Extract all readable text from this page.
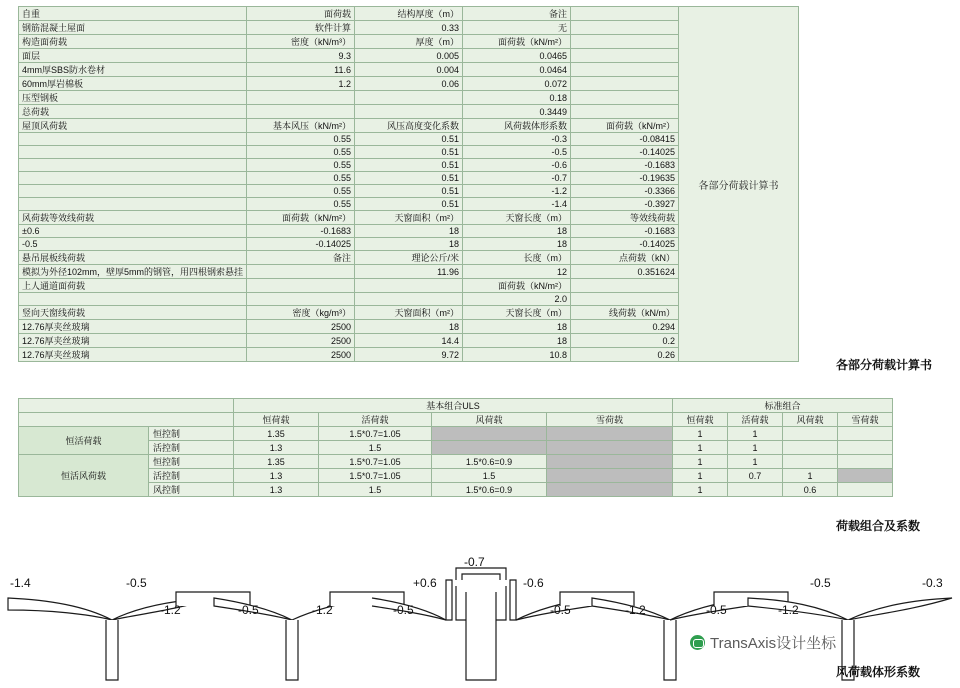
自重	面荷载	结构厚度（m）	备注		各部分荷载计算书
钢筋混凝土屋面	软件计算	0.33	无		
构造面荷载	密度（kN/m³）	厚度（m）	面荷载（kN/m²）		
面层	9.3	0.005	0.0465		
4mm厚SBS防水卷材	11.6	0.004	0.0464		
60mm厚岩棉板	1.2	0.06	0.072		
压型钢板			0.18		
总荷载			0.3449		
屋顶风荷载	基本风压（kN/m²）	风压高度变化系数	风荷载体形系数	面荷载（kN/m²）	
	0.55	0.51	-0.3	-0.08415	
	0.55	0.51	-0.5	-0.14025	
	0.55	0.51	-0.6	-0.1683	
	0.55	0.51	-0.7	-0.19635	
	0.55	0.51	-1.2	-0.3366	
	0.55	0.51	-1.4	-0.3927	
风荷载等效线荷载	面荷载（kN/m²）	天窗面积（m²）	天窗长度（m）	等效线荷载	
±0.6	-0.1683	18	18	-0.1683	
-0.5	-0.14025	18	18	-0.14025	
悬吊展板线荷载	备注	理论公斤/米	长度（m）	点荷载（kN）	
模拟为外径102mm，壁厚5mm的钢管，用四根钢索悬挂		11.96	12	0.351624	
上人通道面荷载			面荷载（kN/m²）		
			2.0		
竖向天窗线荷载	密度（kg/m³）	天窗面积（m²）	天窗长度（m）	线荷载（kN/m）	
12.76厚夹丝玻璃	2500	18	18	0.294	
12.76厚夹丝玻璃	2500	14.4	18	0.2	
12.76厚夹丝玻璃	2500	9.72	10.8	0.26	
各部分荷载计算书
		基本组合ULS				标准组合			
		恒荷载	活荷载	风荷载	雪荷载	恒荷载	活荷载	风荷载	雪荷载
恒活荷载	恒控制	1.35	1.5*0.7=1.05			1	1		
	活控制	1.3	1.5			1	1		
恒活风荷载	恒控制	1.35	1.5*0.7=1.05	1.5*0.6=0.9		1	1		
	活控制	1.3	1.5*0.7=1.05	1.5		1	0.7	1	
	风控制	1.3	1.5	1.5*0.6=0.9		1		0.6	
荷载组合及系数
-1.4	-0.5
-1.2	-0.5	-1.2	-0.5
+0.6
-0.7
-0.6
-0.5	-1.2	-0.5	-1.2
-0.5	-0.3
TransAxis设计坐标
风荷载体形系数
